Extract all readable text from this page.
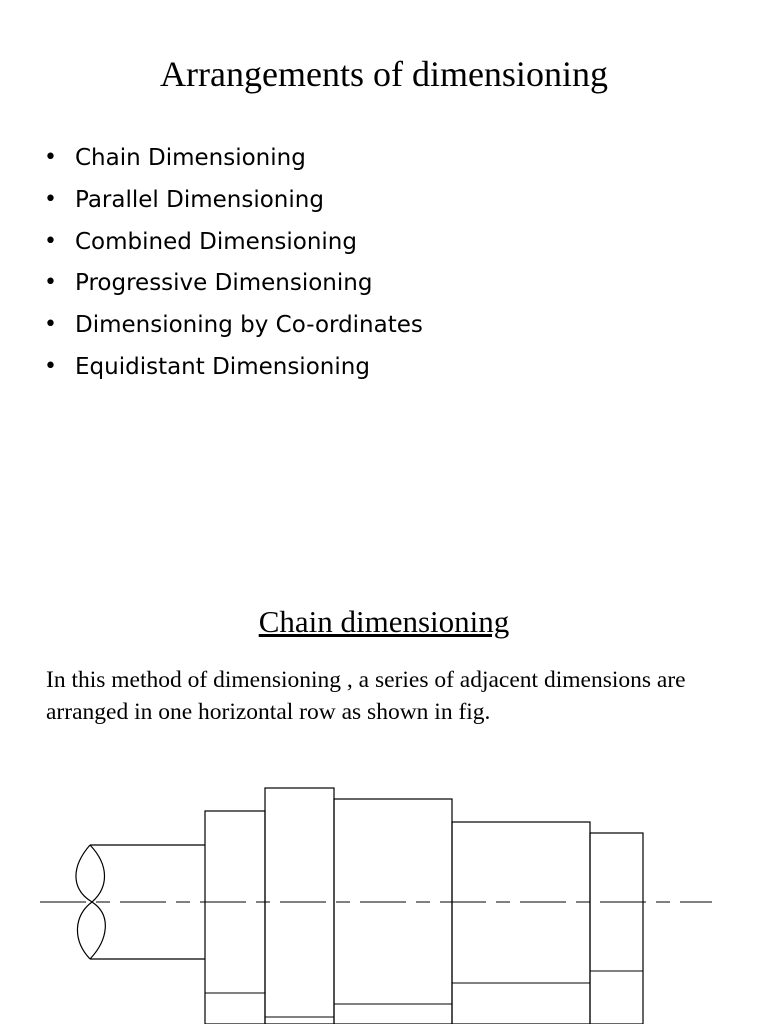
Arrangements of dimensioning
• Chain Dimensioning
• Parallel Dimensioning
• Combined Dimensioning
• Progressive Dimensioning
• Dimensioning by Co-ordinates
• Equidistant Dimensioning
Chain dimensioning

In this method of dimensioning , a series of adjacent dimensions are arranged in one horizontal row as shown in fig.
